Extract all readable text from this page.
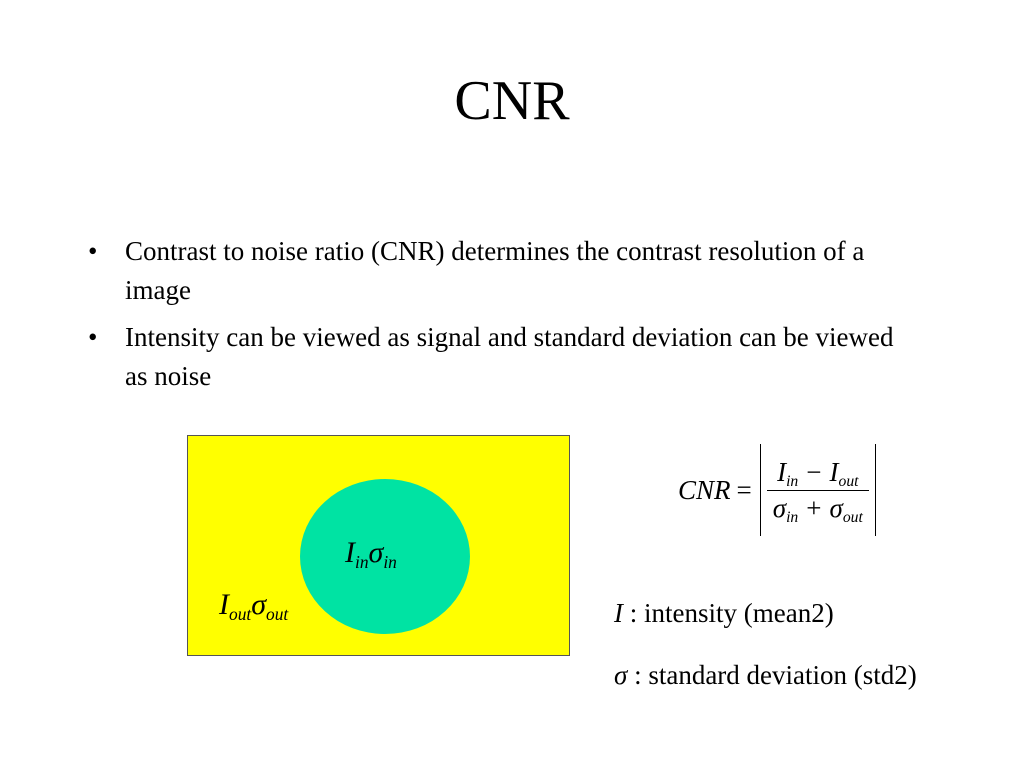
CNR
• Contrast to noise ratio (CNR) determines the contrast resolution of a image
• Intensity can be viewed as signal and standard deviation can be viewed as noise
$I_{in}\sigma_{in}$
$I_{out}\sigma_{out}$
CNR = $\frac{\text{I in − I out}}{\text{σ in + σ out}}$
I : intensity (mean2)
σ : standard deviation (std2)
